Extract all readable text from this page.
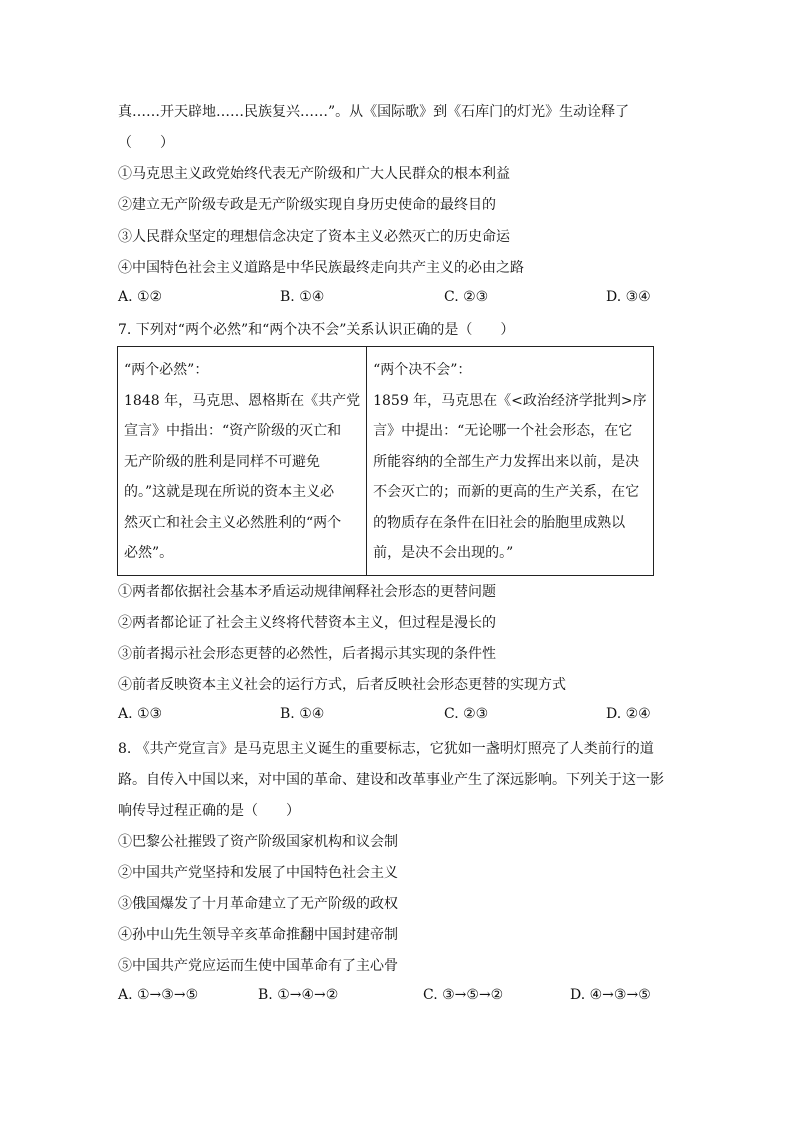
真……开天辟地……民族复兴……”。从《国际歌》到《石库门的灯光》生动诠释了
（　　）
①马克思主义政党始终代表无产阶级和广大人民群众的根本利益
②建立无产阶级专政是无产阶级实现自身历史使命的最终目的
③人民群众坚定的理想信念决定了资本主义必然灭亡的历史命运
④中国特色社会主义道路是中华民族最终走向共产主义的必由之路
A. ①②	B. ①④	C. ②③	D. ③④
7. 下列对“两个必然”和“两个决不会”关系认识正确的是（　　）
“两个必然”：
1848 年，马克思、恩格斯在《共产党
宣言》中指出：“资产阶级的灭亡和
无产阶级的胜利是同样不可避免
的。”这就是现在所说的资本主义必
然灭亡和社会主义必然胜利的“两个
必然”。

“两个决不会”：
1859 年，马克思在《<政治经济学批判>序
言》中提出：“无论哪一个社会形态，在它
所能容纳的全部生产力发挥出来以前，是决
不会灭亡的；而新的更高的生产关系，在它
的物质存在条件在旧社会的胎胞里成熟以
前，是决不会出现的。”
①两者都依据社会基本矛盾运动规律阐释社会形态的更替问题
②两者都论证了社会主义终将代替资本主义，但过程是漫长的
③前者揭示社会形态更替的必然性，后者揭示其实现的条件性
④前者反映资本主义社会的运行方式，后者反映社会形态更替的实现方式
A. ①③	B. ①④	C. ②③	D. ②④
8. 《共产党宣言》是马克思主义诞生的重要标志，它犹如一盏明灯照亮了人类前行的道
路。自传入中国以来，对中国的革命、建设和改革事业产生了深远影响。下列关于这一影
响传导过程正确的是（　　）
①巴黎公社摧毁了资产阶级国家机构和议会制
②中国共产党坚持和发展了中国特色社会主义
③俄国爆发了十月革命建立了无产阶级的政权
④孙中山先生领导辛亥革命推翻中国封建帝制
⑤中国共产党应运而生使中国革命有了主心骨
A. ①→③→⑤	B. ①→④→②	C. ③→⑤→②	D. ④→③→⑤
